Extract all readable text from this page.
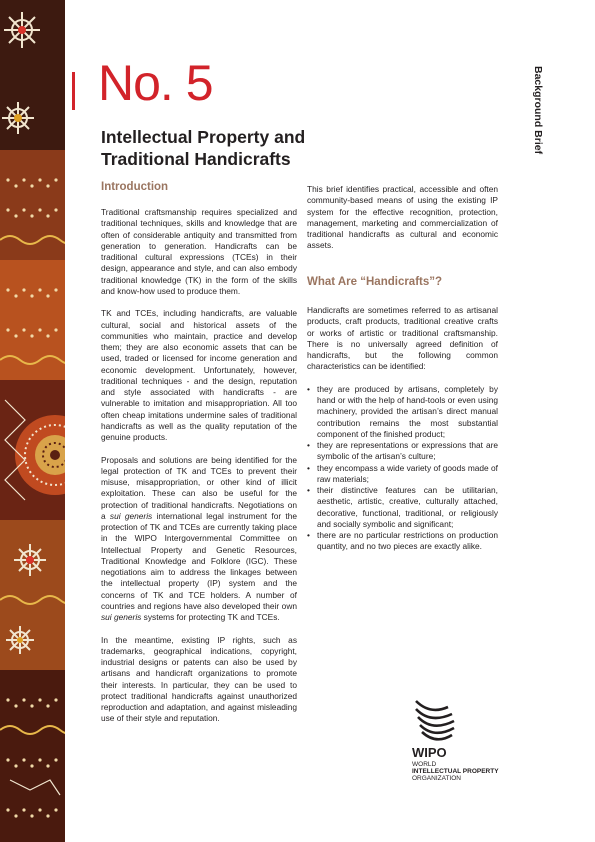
No. 5	Background Brief
Intellectual Property and
Traditional Handicrafts
Introduction

Traditional craftsmanship requires specialized and traditional techniques, skills and knowledge that are often of considerable antiquity and transmitted from generation to generation. Handicrafts can be traditional cultural expressions (TCEs) in their design, appearance and style, and can also embody traditional knowledge (TK) in the form of the skills and know-how used to produce them.

TK and TCEs, including handicrafts, are valuable cultural, social and historical assets of the communities who maintain, practice and develop them; they are also economic assets that can be used, traded or licensed for income generation and economic development. Unfortunately, however, traditional techniques - and the design, reputation and style associated with handicrafts - are vulnerable to imitation and misappropriation. All too often cheap imitations undermine sales of traditional handicrafts as well as the quality reputation of the genuine products.

Proposals and solutions are being identified for the legal protection of TK and TCEs to prevent their misuse, misappropriation, or other kind of illicit exploitation. These can also be useful for the protection of traditional handicrafts. Negotiations on a sui generis international legal instrument for the protection of TK and TCEs are currently taking place in the WIPO Intergovernmental Committee on Intellectual Property and Genetic Resources, Traditional Knowledge and Folklore (IGC). These negotiations aim to address the linkages between the intellectual property (IP) system and the concerns of TK and TCE holders. A number of countries and regions have also developed their own sui generis systems for protecting TK and TCEs.

In the meantime, existing IP rights, such as trademarks, geographical indications, copyright, industrial designs or patents can also be used by artisans and handicraft organizations to promote their interests. In particular, they can be used to protect traditional handicrafts against unauthorized reproduction and adaptation, and against misleading use of their style and reputation.

This brief identifies practical, accessible and often community-based means of using the existing IP system for the effective recognition, protection, management, marketing and commercialization of traditional handicrafts as cultural and economic assets.

What Are “Handicrafts”?

Handicrafts are sometimes referred to as artisanal products, craft products, traditional creative crafts or works of artistic or traditional craftsmanship. There is no universally agreed definition of handicrafts, but the following common characteristics can be identified:

• they are produced by artisans, completely by hand or with the help of hand-tools or even using machinery, provided the artisan’s direct manual contribution remains the most substantial component of the finished product;
• they are representations or expressions that are symbolic of the artisan’s culture;
• they encompass a wide variety of goods made of raw materials;
• their distinctive features can be utilitarian, aesthetic, artistic, creative, culturally attached, decorative, functional, traditional, or religiously and socially symbolic and significant;
• there are no particular restrictions on production quantity, and no two pieces are exactly alike.
WIPO
WORLD
INTELLECTUAL PROPERTY
ORGANIZATION
